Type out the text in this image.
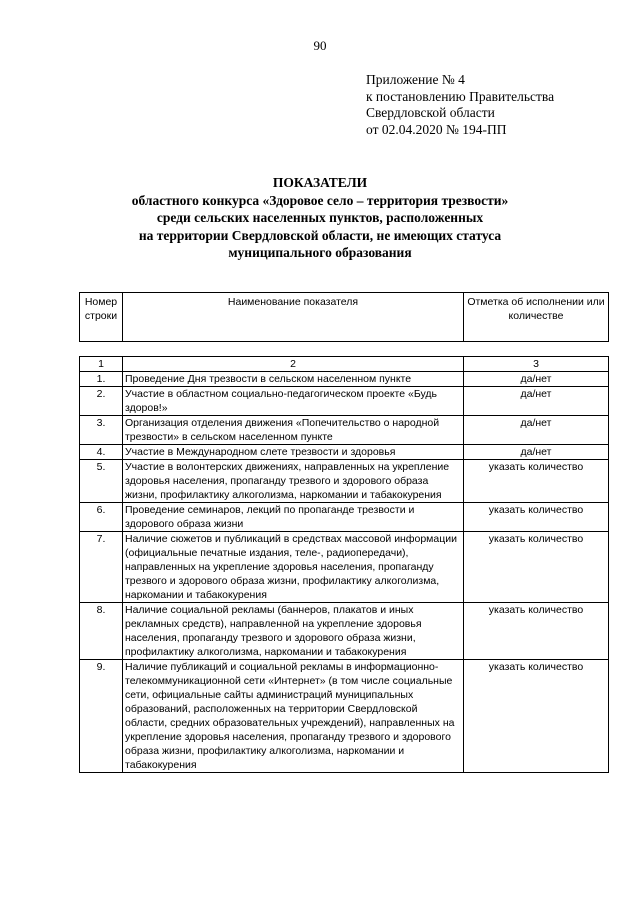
90
Приложение № 4
к постановлению Правительства
Свердловской области
от 02.04.2020 № 194-ПП
ПОКАЗАТЕЛИ
областного конкурса «Здоровое село – территория трезвости»
среди сельских населенных пунктов, расположенных
на территории Свердловской области, не имеющих статуса
муниципального образования
Номер строки	Наименование показателя	Отметка об исполнении или количестве

1	2	3
1.	Проведение Дня трезвости в сельском населенном пункте	да/нет
2.	Участие в областном социально-педагогическом проекте «Будь здоров!»	да/нет
3.	Организация отделения движения «Попечительство о народной трезвости» в сельском населенном пункте	да/нет
4.	Участие в Международном слете трезвости и здоровья	да/нет
5.	Участие в волонтерских движениях, направленных на укрепление здоровья населения, пропаганду трезвого и здорового образа жизни, профилактику алкоголизма, наркомании и табакокурения	указать количество
6.	Проведение семинаров, лекций по пропаганде трезвости и здорового образа жизни	указать количество
7.	Наличие сюжетов и публикаций в средствах массовой информации (официальные печатные издания, теле-, радиопередачи), направленных на укрепление здоровья населения, пропаганду трезвого и здорового образа жизни, профилактику алкоголизма, наркомании и табакокурения	указать количество
8.	Наличие социальной рекламы (баннеров, плакатов и иных рекламных средств), направленной на укрепление здоровья населения, пропаганду трезвого и здорового образа жизни, профилактику алкоголизма, наркомании и табакокурения	указать количество
9.	Наличие публикаций и социальной рекламы в информационно-телекоммуникационной сети «Интернет» (в том числе социальные сети, официальные сайты администраций муниципальных образований, расположенных на территории Свердловской области, средних образовательных учреждений), направленных на укрепление здоровья населения, пропаганду трезвого и здорового образа жизни, профилактику алкоголизма, наркомании и табакокурения	указать количество
